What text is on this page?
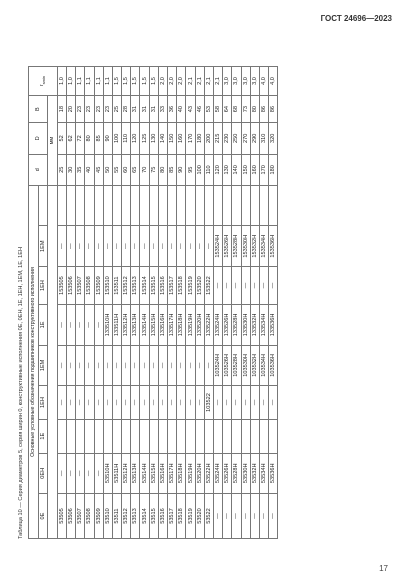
ГОСТ 24696—2023
Таблица 10 — Серия диаметров 5, серия ширин 0, конструктивные исполнения 0Е, 0ЕН, 1Е, 1ЕН, 1ЕМ, 1Е, 1ЕН Основные условные обозначения подшипников конструктивного исполнения									d	D	B	$r_{smin}$
0Е	0ЕН	1Е	1ЕН	1ЕМ	1Е	1ЕН	1ЕМ					
									мм			
53505	—		—	—	—	153505	—		25	52	18	1,0
53506	—		—	—	—	153506	—		30	62	20	1,0
53507	—		—	—	—	153507	—		35	72	23	1,1
53508	—		—	—	—	153508	—		40	80	23	1,1
53509	—		—	—	—	153509	—		45	85	23	1,1
53510	53510Н		—	—	133510Н	153510	—		50	90	23	1,1
53511	53511Н		—	—	133511Н	153511	—		55	100	25	1,5
53512	53512Н		—	—	133512Н	153512	—		60	110	28	1,5
53513	53513Н		—	—	133513Н	153513	—		65	120	31	1,5
53514	53514Н		—	—	133514Н	153514	—		70	125	31	1,5
53515	53515Н		—	—	133515Н	153515	—		75	130	31	1,5
53516	53516Н		—	—	133516Н	153516	—		80	140	33	2,0
53517	53517Н		—	—	133517Н	153517	—		85	150	36	2,0
53518	53518Н		—	—	133518Н	153518	—		90	160	40	2,0
53519	53519Н		—	—	133519Н	153519	—		95	170	43	2,1
53520	53520Н		—	—	133520Н	153520	—		100	180	46	2,1
53522	53522Н		103522	—	133522Н	153522	—		110	200	53	2,1
—	53524Н		—	103524Н	133524Н	—	153524Н		120	215	58	2,1
—	53526Н		—	103526Н	133526Н	—	153526Н		130	230	64	3,0
—	53528Н		—	103528Н	133528Н	—	153528Н		140	250	68	3,0
—	53530Н		—	103530Н	133530Н	—	153530Н		150	270	73	3,0
—	53532Н		—	103532Н	133532Н	—	153532Н		160	290	80	3,0
—	53534Н		—	103534Н	133534Н	—	153534Н		170	310	86	4,0
—	53536Н		—	103536Н	133536Н	—	153536Н		180	320	86	4,0
17
